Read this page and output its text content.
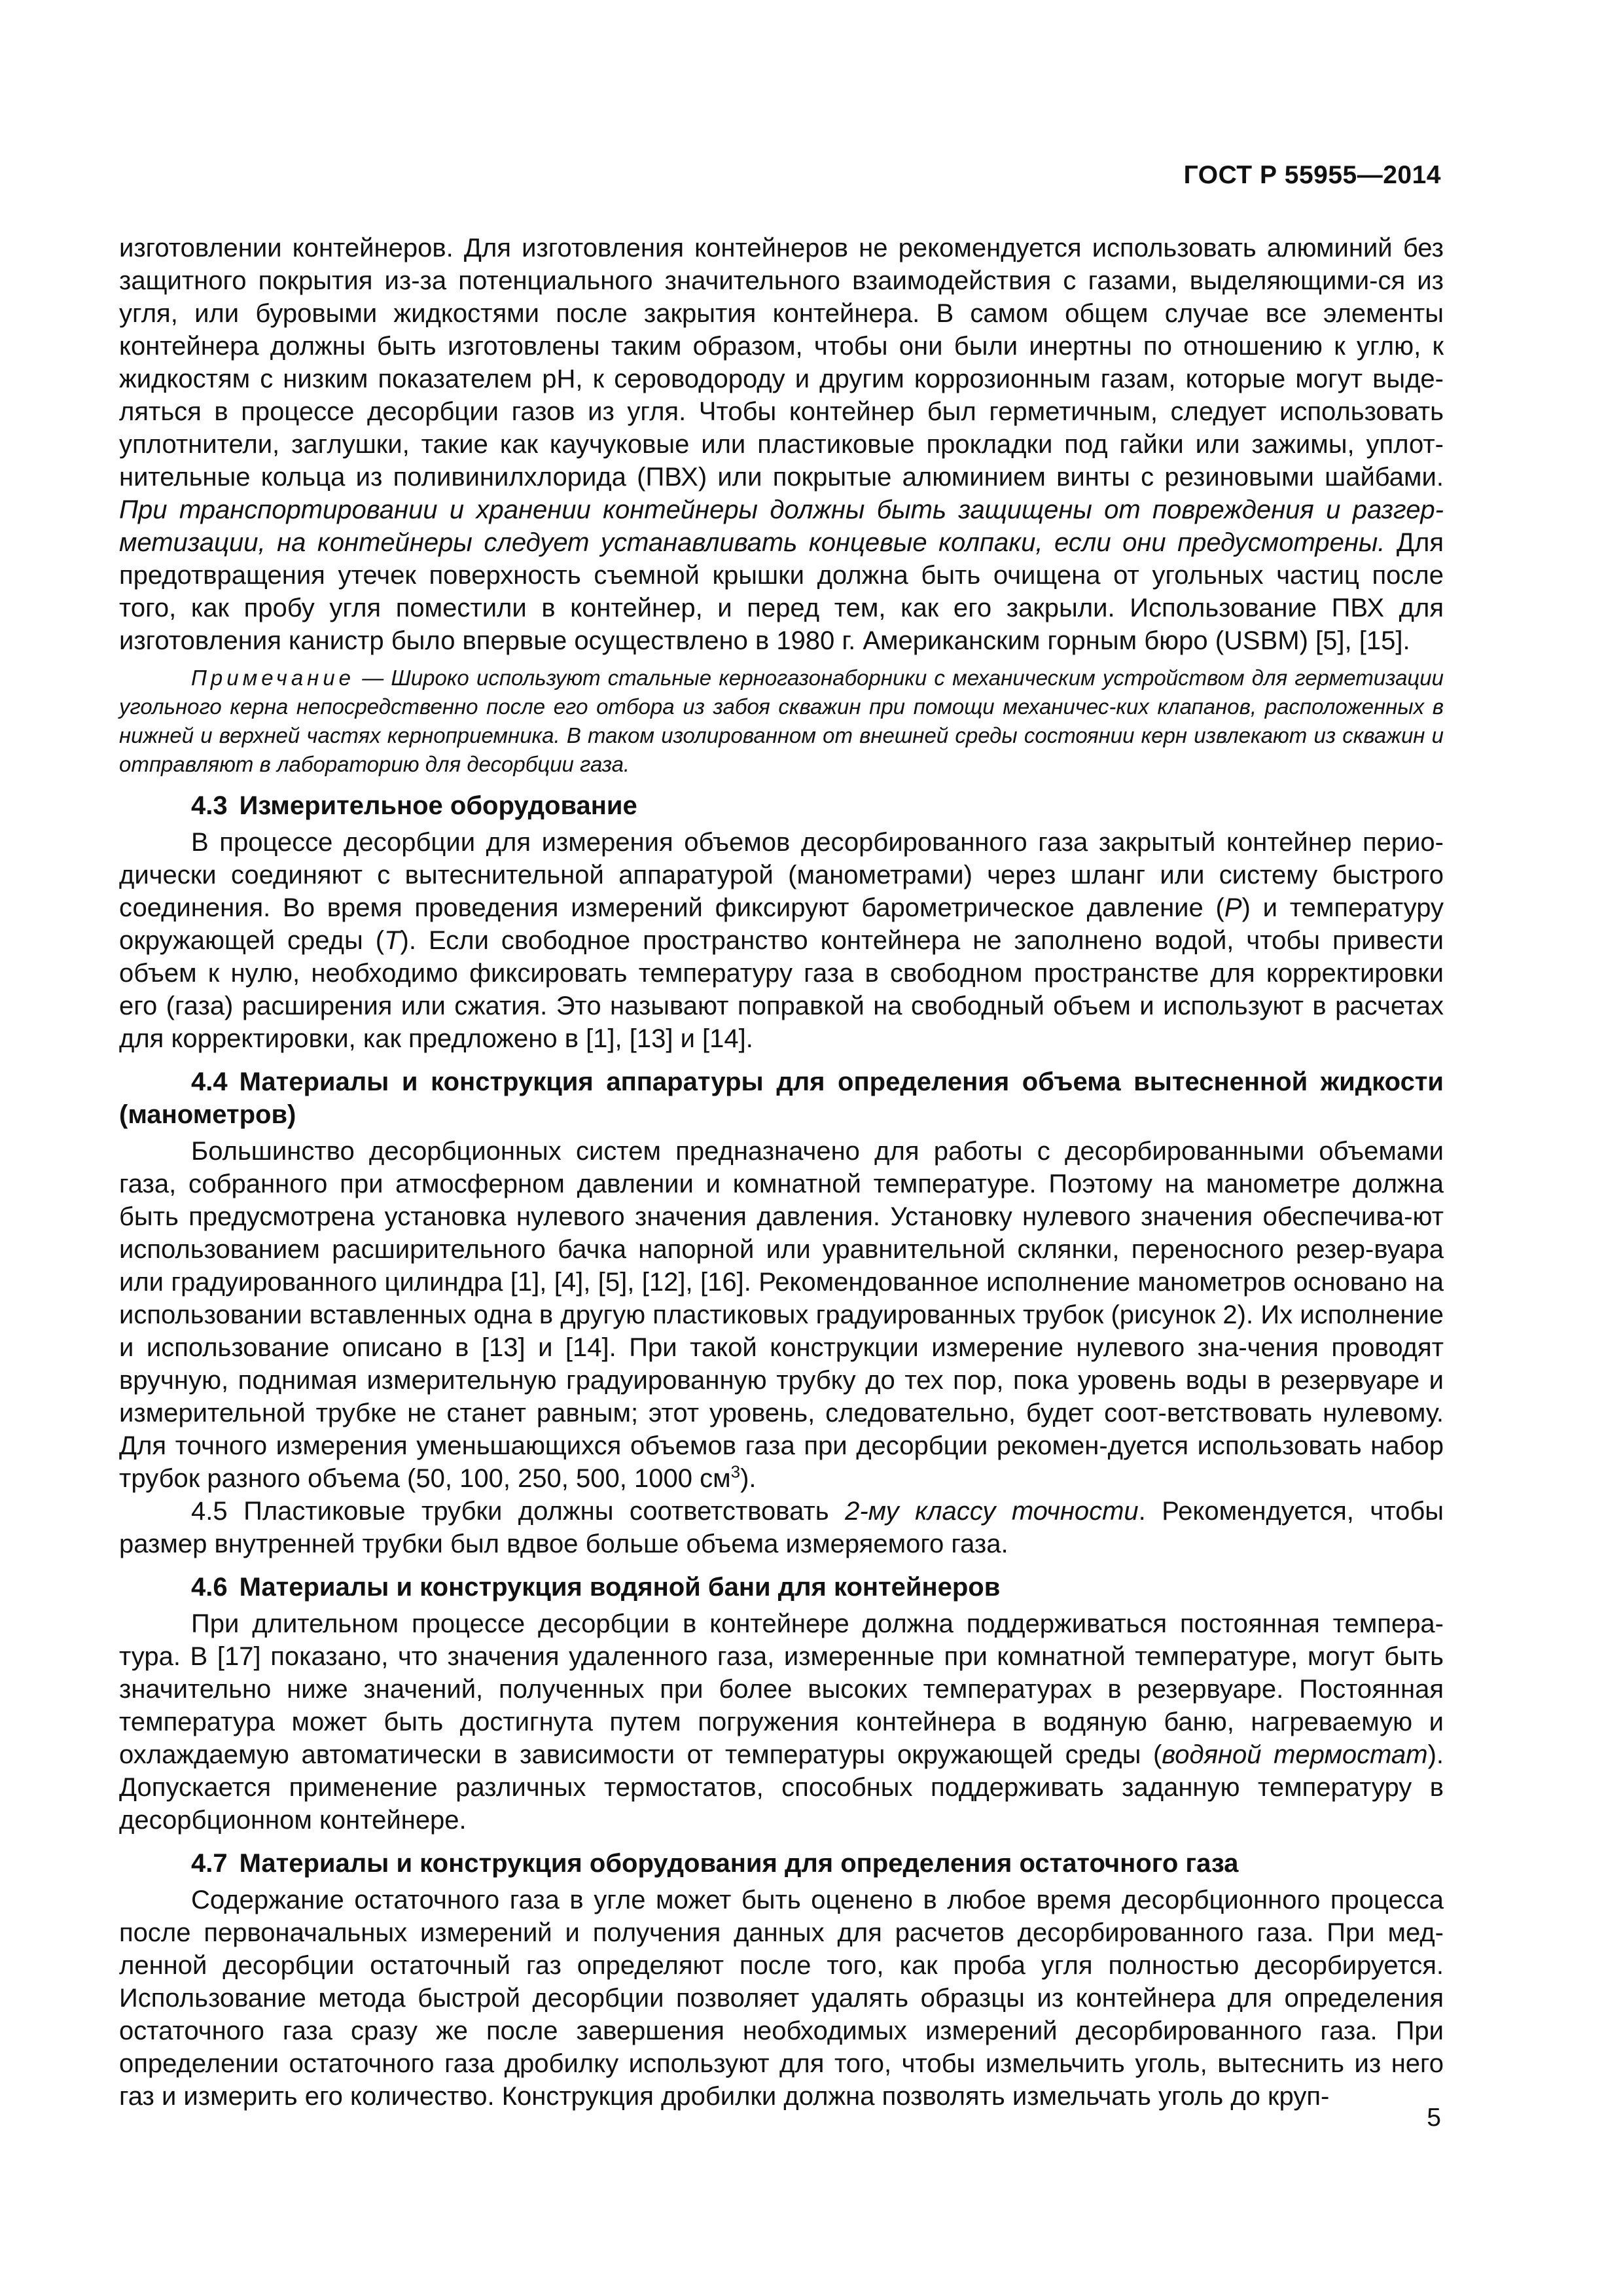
ГОСТ Р 55955—2014

изготовлении контейнеров. Для изготовления контейнеров не рекомендуется использовать алюминий без защитного покрытия из-за потенциального значительного взаимодействия с газами, выделяющими-ся из угля, или буровыми жидкостями после закрытия контейнера. В самом общем случае все элементы контейнера должны быть изготовлены таким образом, чтобы они были инертны по отношению к углю, к жидкостям с низким показателем pH, к сероводороду и другим коррозионным газам, которые могут выде-ляться в процессе десорбции газов из угля. Чтобы контейнер был герметичным, следует использовать уплотнители, заглушки, такие как каучуковые или пластиковые прокладки под гайки или зажимы, уплот-нительные кольца из поливинилхлорида (ПВХ) или покрытые алюминием винты с резиновыми шайбами. При транспортировании и хранении контейнеры должны быть защищены от повреждения и разгер-метизации, на контейнеры следует устанавливать концевые колпаки, если они предусмотрены. Для предотвращения утечек поверхность съемной крышки должна быть очищена от угольных частиц после того, как пробу угля поместили в контейнер, и перед тем, как его закрыли. Использование ПВХ для изготовления канистр было впервые осуществлено в 1980 г. Американским горным бюро (USBM) [5], [15].

Примечание — Широко используют стальные керногазонаборники с механическим устройством для герметизации угольного керна непосредственно после его отбора из забоя скважин при помощи механичес-ких клапанов, расположенных в нижней и верхней частях керноприемника. В таком изолированном от внешней среды состоянии керн извлекают из скважин и отправляют в лабораторию для десорбции газа.

4.3 Измерительное оборудование

В процессе десорбции для измерения объемов десорбированного газа закрытый контейнер перио-дически соединяют с вытеснительной аппаратурой (манометрами) через шланг или систему быстрого соединения. Во время проведения измерений фиксируют барометрическое давление (P) и температуру окружающей среды (T). Если свободное пространство контейнера не заполнено водой, чтобы привести объем к нулю, необходимо фиксировать температуру газа в свободном пространстве для корректировки его (газа) расширения или сжатия. Это называют поправкой на свободный объем и используют в расчетах для корректировки, как предложено в [1], [13] и [14].

4.4 Материалы и конструкция аппаратуры для определения объема вытесненной жидкости (манометров)

Большинство десорбционных систем предназначено для работы с десорбированными объемами газа, собранного при атмосферном давлении и комнатной температуре. Поэтому на манометре должна быть предусмотрена установка нулевого значения давления. Установку нулевого значения обеспечива-ют использованием расширительного бачка напорной или уравнительной склянки, переносного резер-вуара или градуированного цилиндра [1], [4], [5], [12], [16]. Рекомендованное исполнение манометров основано на использовании вставленных одна в другую пластиковых градуированных трубок (рисунок 2). Их исполнение и использование описано в [13] и [14]. При такой конструкции измерение нулевого зна-чения проводят вручную, поднимая измерительную градуированную трубку до тех пор, пока уровень воды в резервуаре и измерительной трубке не станет равным; этот уровень, следовательно, будет соот-ветствовать нулевому. Для точного измерения уменьшающихся объемов газа при десорбции рекомен-дуется использовать набор трубок разного объема (50, 100, 250, 500, 1000 $см^3$).

4.5 Пластиковые трубки должны соответствовать 2-му классу точности. Рекомендуется, чтобы размер внутренней трубки был вдвое больше объема измеряемого газа.

4.6 Материалы и конструкция водяной бани для контейнеров

При длительном процессе десорбции в контейнере должна поддерживаться постоянная темпера-тура. В [17] показано, что значения удаленного газа, измеренные при комнатной температуре, могут быть значительно ниже значений, полученных при более высоких температурах в резервуаре. Постоянная температура может быть достигнута путем погружения контейнера в водяную баню, нагреваемую и охлаждаемую автоматически в зависимости от температуры окружающей среды (водяной термостат). Допускается применение различных термостатов, способных поддерживать заданную температуру в десорбционном контейнере.

4.7 Материалы и конструкция оборудования для определения остаточного газа

Содержание остаточного газа в угле может быть оценено в любое время десорбционного процесса после первоначальных измерений и получения данных для расчетов десорбированного газа. При мед-ленной десорбции остаточный газ определяют после того, как проба угля полностью десорбируется. Использование метода быстрой десорбции позволяет удалять образцы из контейнера для определения остаточного газа сразу же после завершения необходимых измерений десорбированного газа. При определении остаточного газа дробилку используют для того, чтобы измельчить уголь, вытеснить из него газ и измерить его количество. Конструкция дробилки должна позволять измельчать уголь до круп-

5
